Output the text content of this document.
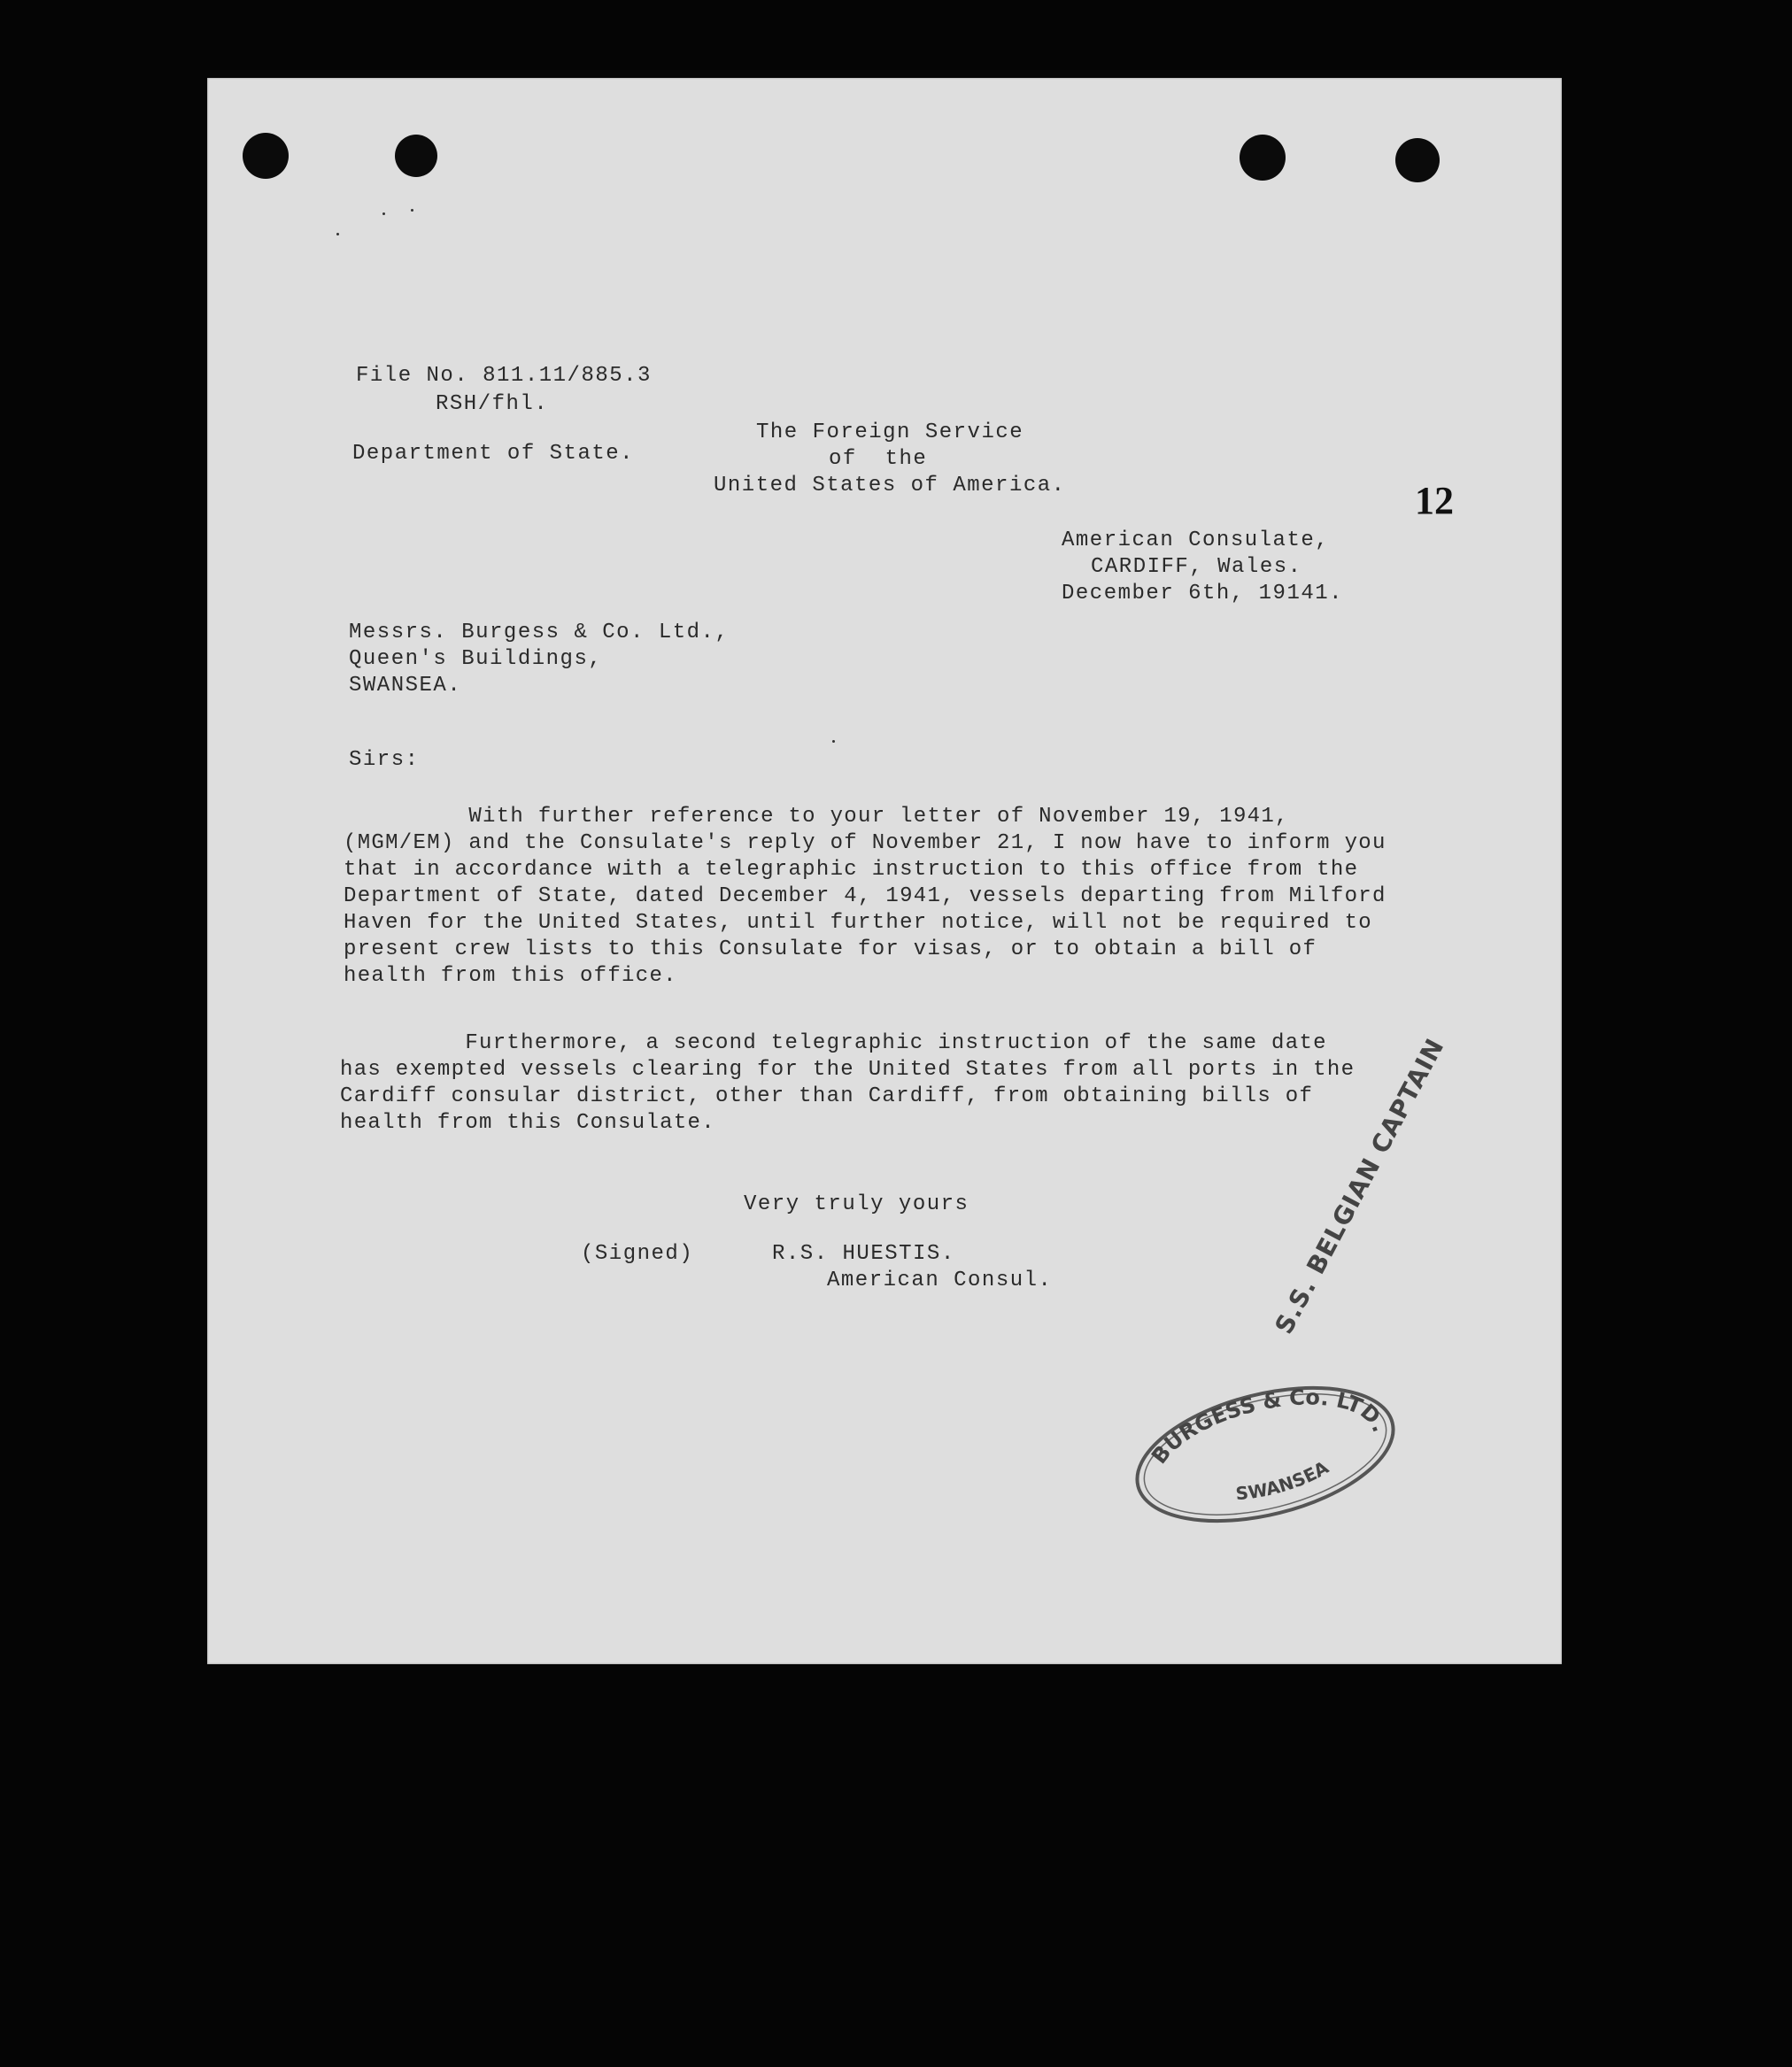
File No. 811.11/885.3
RSH/fhl.
Department of State.
The Foreign Service
of  the
United States of America.	12
American Consulate,
CARDIFF, Wales.
December 6th, 19141.
Messrs. Burgess & Co. Ltd.,
Queen's Buildings,
SWANSEA.
Sirs:
With further reference to your letter of November 19, 1941,
(MGM/EM) and the Consulate's reply of November 21, I now have to inform you
that in accordance with a telegraphic instruction to this office from the
Department of State, dated December 4, 1941, vessels departing from Milford
Haven for the United States, until further notice, will not be required to
present crew lists to this Consulate for visas, or to obtain a bill of
health from this office.
Furthermore, a second telegraphic instruction of the same date
has exempted vessels clearing for the United States from all ports in the
Cardiff consular district, other than Cardiff, from obtaining bills of
health from this Consulate.
Very truly yours
(Signed)	R.S. HUESTIS.
American Consul.	S.S. BELGIAN CAPTAIN
BURGESS & Co. LTD.
SWANSEA
